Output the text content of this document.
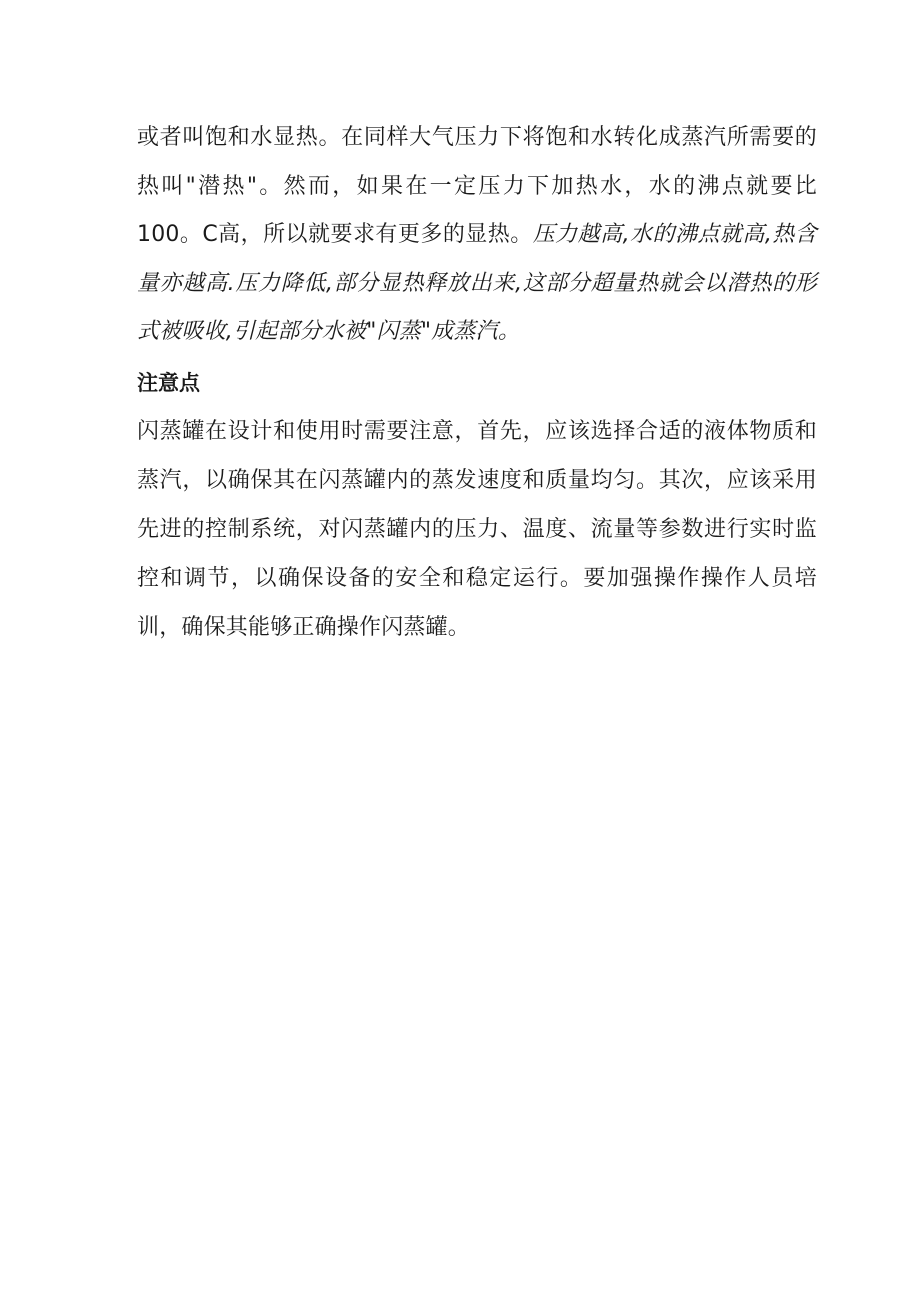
或者叫饱和水显热。在同样大气压力下将饱和水转化成蒸汽所需要的热叫"潜热"。然而，如果在一定压力下加热水，水的沸点就要比100。C高，所以就要求有更多的显热。压力越高,水的沸点就高,热含量亦越高.压力降低,部分显热释放出来,这部分超量热就会以潜热的形式被吸收,引起部分水被"闪蒸"成蒸汽。

注意点

闪蒸罐在设计和使用时需要注意，首先，应该选择合适的液体物质和蒸汽，以确保其在闪蒸罐内的蒸发速度和质量均匀。其次，应该采用先进的控制系统，对闪蒸罐内的压力、温度、流量等参数进行实时监控和调节，以确保设备的安全和稳定运行。要加强操作操作人员培训，确保其能够正确操作闪蒸罐。
